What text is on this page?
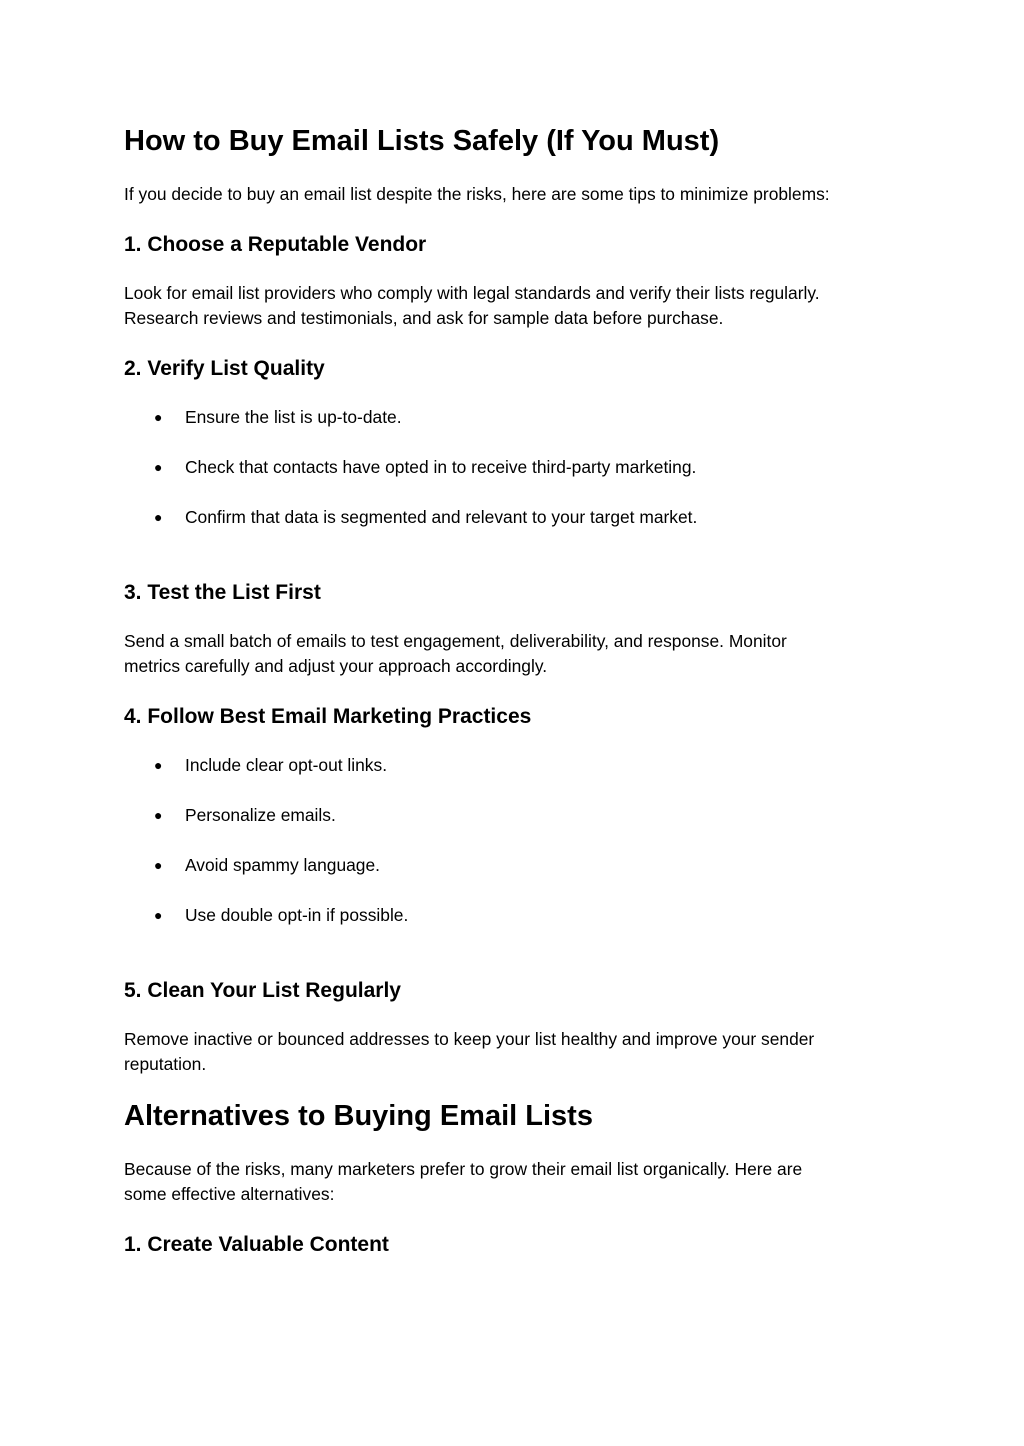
How to Buy Email Lists Safely (If You Must)

If you decide to buy an email list despite the risks, here are some tips to minimize problems:

1. Choose a Reputable Vendor

Look for email list providers who comply with legal standards and verify their lists regularly.

Research reviews and testimonials, and ask for sample data before purchase.

2. Verify List Quality
●	Ensure the list is up-to-date.
●	Check that contacts have opted in to receive third-party marketing.
●	Confirm that data is segmented and relevant to your target market.
3. Test the List First

Send a small batch of emails to test engagement, deliverability, and response. Monitor

metrics carefully and adjust your approach accordingly.

4. Follow Best Email Marketing Practices
●	Include clear opt-out links.
●	Personalize emails.
●	Avoid spammy language.
●	Use double opt-in if possible.
5. Clean Your List Regularly

Remove inactive or bounced addresses to keep your list healthy and improve your sender

reputation.

Alternatives to Buying Email Lists

Because of the risks, many marketers prefer to grow their email list organically. Here are

some effective alternatives:

1. Create Valuable Content
